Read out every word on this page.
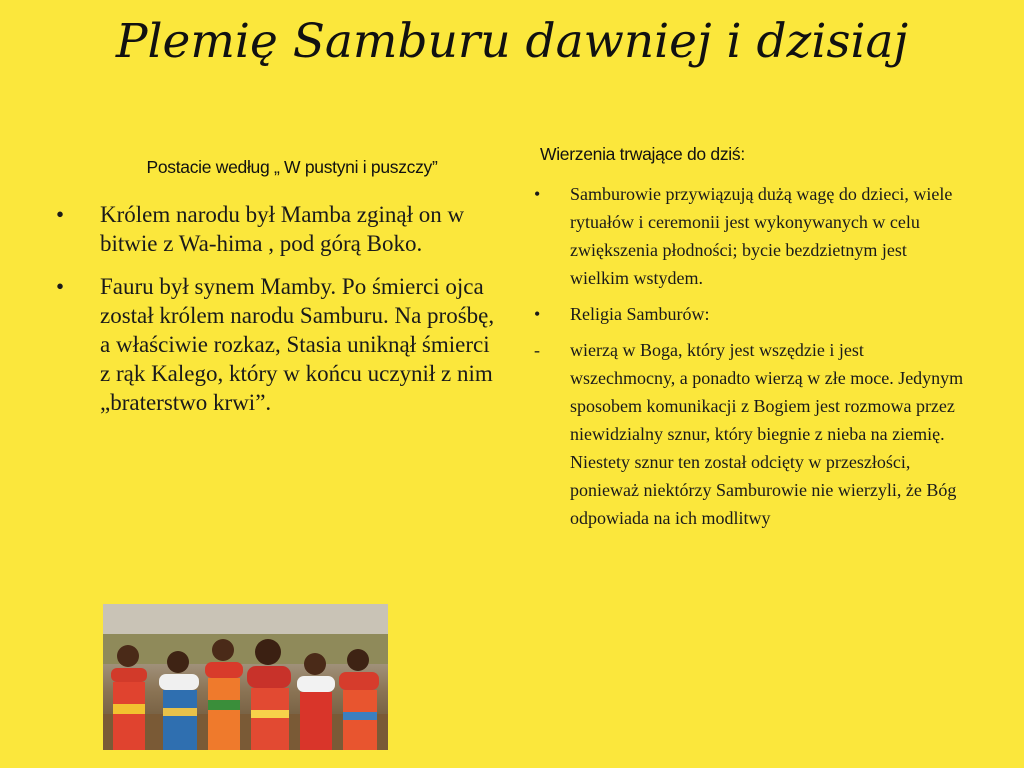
Plemię Samburu dawniej i dzisiaj
Postacie według „ W pustyni i puszczy”
• Królem narodu był Mamba zginął on w bitwie z Wa-hima , pod górą Boko.
• Fauru był synem Mamby. Po śmierci ojca został królem narodu Samburu. Na prośbę, a właściwie rozkaz, Stasia uniknął śmierci z rąk Kalego, który w końcu uczynił z nim „braterstwo krwi”.
Wierzenia trwające do dziś:
• Samburowie przywiązują dużą wagę do dzieci, wiele rytuałów i ceremonii jest wykonywanych w celu zwiększenia płodności; bycie bezdzietnym jest wielkim wstydem.
• Religia Samburów:
- wierzą w Boga, który jest wszędzie i jest wszechmocny, a ponadto wierzą w złe moce. Jedynym sposobem komunikacji z Bogiem jest rozmowa przez niewidzialny sznur, który biegnie z nieba na ziemię. Niestety sznur ten został odcięty w przeszłości, ponieważ niektórzy Samburowie nie wierzyli, że Bóg odpowiada na ich modlitwy
